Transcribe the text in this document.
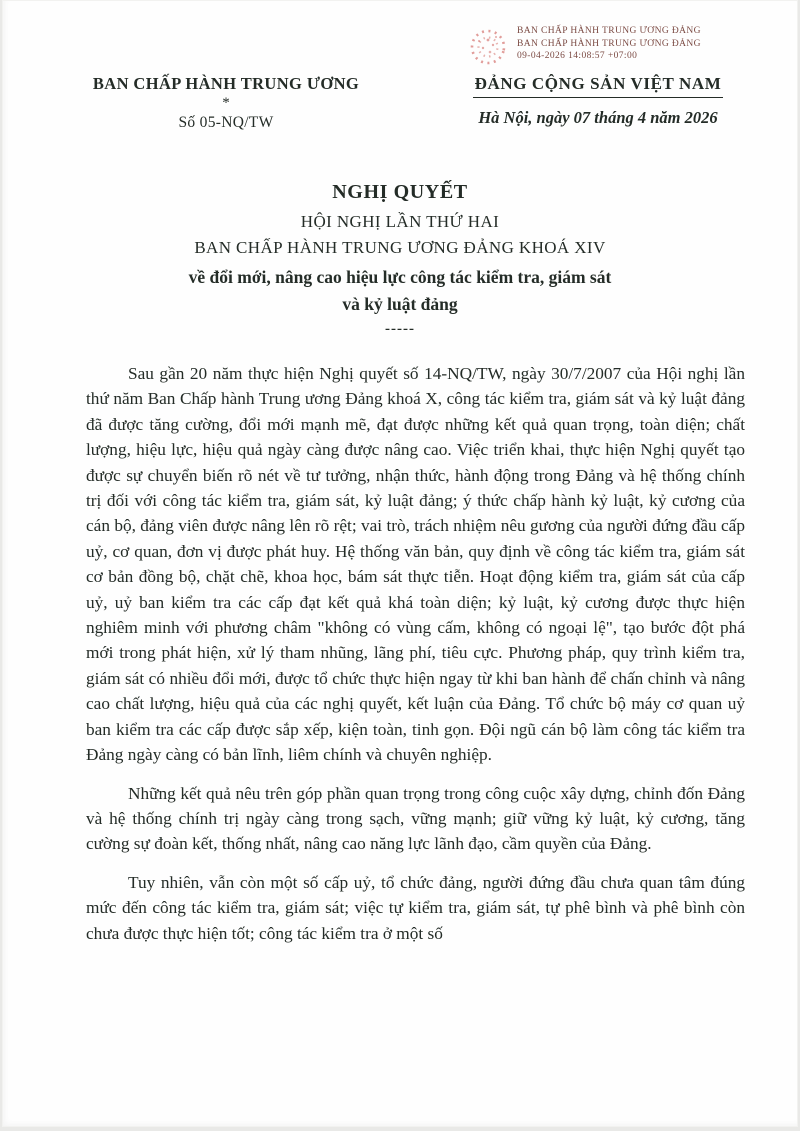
BAN CHẤP HÀNH TRUNG ƯƠNG
*
Số 05-NQ/TW
BAN CHẤP HÀNH TRUNG ƯƠNG ĐẢNG
BAN CHẤP HÀNH TRUNG ƯƠNG ĐẢNG
09-04-2026 14:08:57 +07:00
ĐẢNG CỘNG SẢN VIỆT NAM
Hà Nội, ngày 07 tháng 4 năm 2026
NGHỊ QUYẾT
HỘI NGHỊ LẦN THỨ HAI
BAN CHẤP HÀNH TRUNG ƯƠNG ĐẢNG KHOÁ XIV
về đổi mới, nâng cao hiệu lực công tác kiểm tra, giám sát
và kỷ luật đảng
-----

Sau gần 20 năm thực hiện Nghị quyết số 14-NQ/TW, ngày 30/7/2007 của Hội nghị lần thứ năm Ban Chấp hành Trung ương Đảng khoá X, công tác kiểm tra, giám sát và kỷ luật đảng đã được tăng cường, đổi mới mạnh mẽ, đạt được những kết quả quan trọng, toàn diện; chất lượng, hiệu lực, hiệu quả ngày càng được nâng cao. Việc triển khai, thực hiện Nghị quyết tạo được sự chuyển biến rõ nét về tư tưởng, nhận thức, hành động trong Đảng và hệ thống chính trị đối với công tác kiểm tra, giám sát, kỷ luật đảng; ý thức chấp hành kỷ luật, kỷ cương của cán bộ, đảng viên được nâng lên rõ rệt; vai trò, trách nhiệm nêu gương của người đứng đầu cấp uỷ, cơ quan, đơn vị được phát huy. Hệ thống văn bản, quy định về công tác kiểm tra, giám sát cơ bản đồng bộ, chặt chẽ, khoa học, bám sát thực tiễn. Hoạt động kiểm tra, giám sát của cấp uỷ, uỷ ban kiểm tra các cấp đạt kết quả khá toàn diện; kỷ luật, kỷ cương được thực hiện nghiêm minh với phương châm "không có vùng cấm, không có ngoại lệ", tạo bước đột phá mới trong phát hiện, xử lý tham nhũng, lãng phí, tiêu cực. Phương pháp, quy trình kiểm tra, giám sát có nhiều đổi mới, được tổ chức thực hiện ngay từ khi ban hành để chấn chỉnh và nâng cao chất lượng, hiệu quả của các nghị quyết, kết luận của Đảng. Tổ chức bộ máy cơ quan uỷ ban kiểm tra các cấp được sắp xếp, kiện toàn, tinh gọn. Đội ngũ cán bộ làm công tác kiểm tra Đảng ngày càng có bản lĩnh, liêm chính và chuyên nghiệp.

Những kết quả nêu trên góp phần quan trọng trong công cuộc xây dựng, chỉnh đốn Đảng và hệ thống chính trị ngày càng trong sạch, vững mạnh; giữ vững kỷ luật, kỷ cương, tăng cường sự đoàn kết, thống nhất, nâng cao năng lực lãnh đạo, cầm quyền của Đảng.

Tuy nhiên, vẫn còn một số cấp uỷ, tổ chức đảng, người đứng đầu chưa quan tâm đúng mức đến công tác kiểm tra, giám sát; việc tự kiểm tra, giám sát, tự phê bình và phê bình còn chưa được thực hiện tốt; công tác kiểm tra ở một số
